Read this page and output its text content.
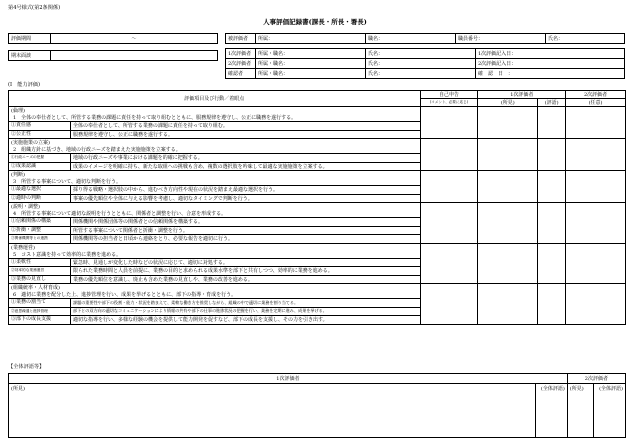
第4号様式(第2条関係)
人事評価記録書(課長・所長・署長)
評価期間	～
期末面談	
被評価者	所属：	職名：	職員番号：	氏名：
1次評価者	所属・職名：	氏名：	1次評価記入日：
2次評価者	所属・職名：	氏名：	2次評価記入日：
確認者	所属・職名：	氏名：	確　認　日　：
(Ⅰ　能力評価)
評価項目及び行動／着眼点	自己申告	1次評価者		2次評価者
	(コメント、必要に応じ)	(所見)	(評語)	(任意)
(倫理)				
1　全体の奉仕者として、所管する業務の課題に責任を持って取り組むとともに、服務規律を遵守し、公正に職務を遂行する。				

①責任感 全体の奉仕者として、所管する業務の課題に責任を持って取り組む。				

②公正性 服務規律を遵守し、公正に職務を遂行する。				

(実施施策の立案)				
2　組織方針に基づき、地域の行政ニーズを踏まえた実施施策を立案する。				

①行政ニーズの把握 地域の行政ニーズや事業における課題を的確に把握する。				

②成果認識 成果のイメージを明確に持ち、新たな取組への挑戦も含め、複数の選択肢を吟味して最適な実施施策を立案する。				

(判断)				
3　所管する事案について、適切な判断を行う。				

①最適な選択 採り得る戦略・選択肢の中から、進むべき方向性や現在の状況を踏まえ最適な選択を行う。				

②適時の判断 事案の優先順位や全体に与える影響を考慮し、適切なタイミングで判断を行う。				

(説明・調整)				
4　所管する事案について適切な説明を行うとともに、関係者と調整を行い、合意を形成する。				

①信頼関係の構築 関係機関や関係団体等の関係者との信頼関係を構築する。				

②折衝・調整 所管する事案について関係者と折衝・調整を行う。				

③関係機関等との連携 関係機関等の担当者と日頃から連絡をとり、必要な報告を適切に行う。				

(業務運営)				
5　コスト意識を持って効率的に業務を進める。				

①柔軟性 緊急時、見通しが変化した時などの状況に応じて、適切に対処する。				

②効率的な業務運営 限られた業務時間と人員を前提に、業務の目的と求められる成果水準を部下と共有しつつ、効率的に業務を進める。				

③業務の見直し 業務の優先順位を意識し、廃止も含めた業務の見直しや、業務の改善を進める。				

(組織統率・人材育成)				
6　適切に業務を配分した上、進捗管理を行い、成果を挙げるとともに、部下の指導・育成を行う。				

①業務の割当て 課題の重要性や部下の役割・能力・状況を踏まえて、柔軟な働き方を推奨しながら、組織の中で適切に業務を割り当てる。				

②意思疎通と進捗管理 部下との双方向の適切なコミュニケーションにより情報の共有や部下の仕事の進捗状況の把握を行い、業務を定期に進み、成果を挙げる。				

③部下の成長支援 適切な指導を行い、多様な経験の機会を提供して能力開発を促すなど、部下の成長を支援し、その力を引き出す。				
【全体評語等】
1次評価者		2次評価者	
(所見)	(全体評語)	(所見)	(全体評語)
